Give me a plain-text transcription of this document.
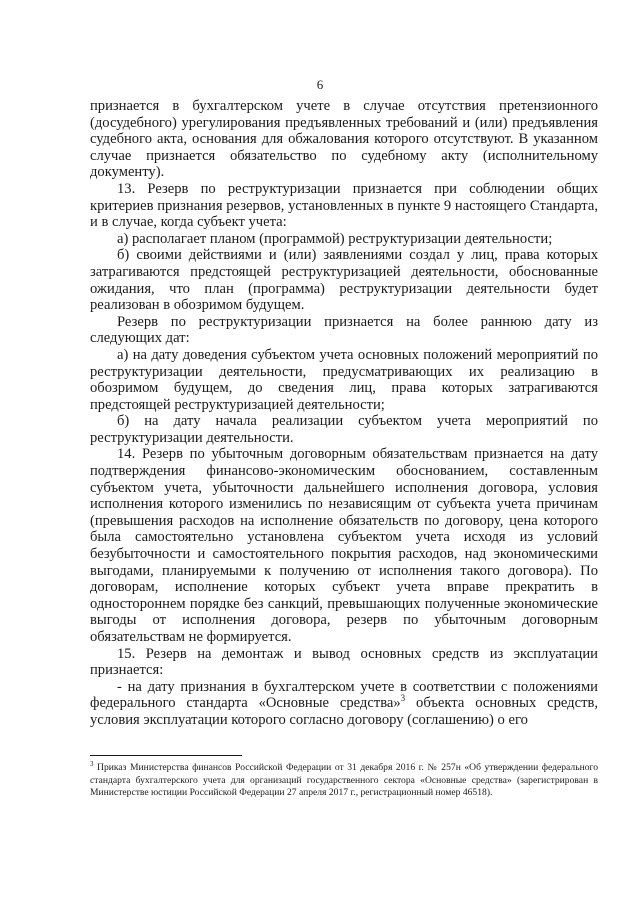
6

признается в бухгалтерском учете в случае отсутствия претензионного (досудебного) урегулирования предъявленных требований и (или) предъявления судебного акта, основания для обжалования которого отсутствуют. В указанном случае признается обязательство по судебному акту (исполнительному документу).

13. Резерв по реструктуризации признается при соблюдении общих критериев признания резервов, установленных в пункте 9 настоящего Стандарта, и в случае, когда субъект учета:

а) располагает планом (программой) реструктуризации деятельности;

б) своими действиями и (или) заявлениями создал у лиц, права которых затрагиваются предстоящей реструктуризацией деятельности, обоснованные ожидания, что план (программа) реструктуризации деятельности будет реализован в обозримом будущем.

Резерв по реструктуризации признается на более раннюю дату из следующих дат:

а) на дату доведения субъектом учета основных положений мероприятий по реструктуризации деятельности, предусматривающих их реализацию в обозримом будущем, до сведения лиц, права которых затрагиваются предстоящей реструктуризацией деятельности;

б) на дату начала реализации субъектом учета мероприятий по реструктуризации деятельности.

14. Резерв по убыточным договорным обязательствам признается на дату подтверждения финансово-экономическим обоснованием, составленным субъектом учета, убыточности дальнейшего исполнения договора, условия исполнения которого изменились по независящим от субъекта учета причинам (превышения расходов на исполнение обязательств по договору, цена которого была самостоятельно установлена субъектом учета исходя из условий безубыточности и самостоятельного покрытия расходов, над экономическими выгодами, планируемыми к получению от исполнения такого договора). По договорам, исполнение которых субъект учета вправе прекратить в одностороннем порядке без санкций, превышающих полученные экономические выгоды от исполнения договора, резерв по убыточным договорным обязательствам не формируется.

15. Резерв на демонтаж и вывод основных средств из эксплуатации признается:

- на дату признания в бухгалтерском учете в соответствии с положениями федерального стандарта «Основные средства»$^3$ объекта основных средств, условия эксплуатации которого согласно договору (соглашению) о его

$^3$ Приказ Министерства финансов Российской Федерации от 31 декабря 2016 г. № 257н «Об утверждении федерального стандарта бухгалтерского учета для организаций государственного сектора «Основные средства» (зарегистрирован в Министерстве юстиции Российской Федерации 27 апреля 2017 г., регистрационный номер 46518).
